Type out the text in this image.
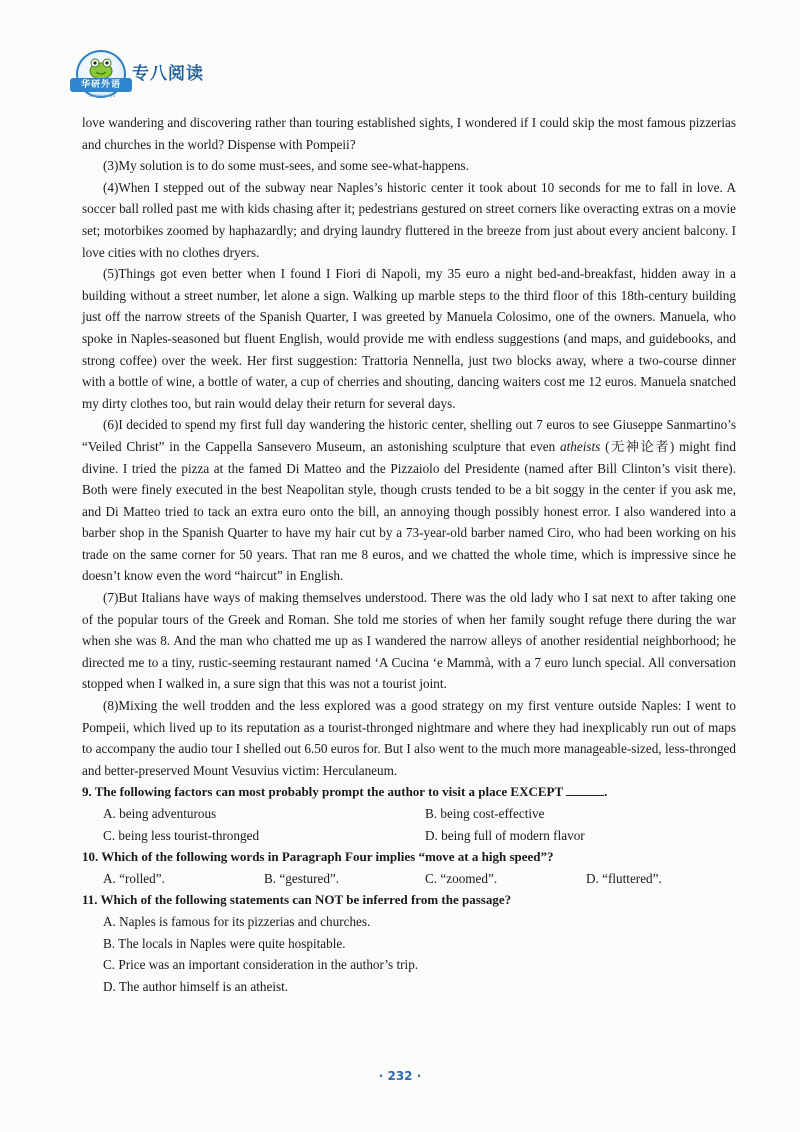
华研外语
huayanwaiyu
专八阅读

love wandering and discovering rather than touring established sights, I wondered if I could skip the most famous pizzerias and churches in the world? Dispense with Pompeii?

(3)My solution is to do some must-sees, and some see-what-happens.

(4)When I stepped out of the subway near Naples’s historic center it took about 10 seconds for me to fall in love. A soccer ball rolled past me with kids chasing after it; pedestrians gestured on street corners like overacting extras on a movie set; motorbikes zoomed by haphazardly; and drying laundry fluttered in the breeze from just about every ancient balcony. I love cities with no clothes dryers.

(5)Things got even better when I found I Fiori di Napoli, my 35 euro a night bed-and-breakfast, hidden away in a building without a street number, let alone a sign. Walking up marble steps to the third floor of this 18th-century building just off the narrow streets of the Spanish Quarter, I was greeted by Manuela Colosimo, one of the owners. Manuela, who spoke in Naples-seasoned but fluent English, would provide me with endless suggestions (and maps, and guidebooks, and strong coffee) over the week. Her first suggestion: Trattoria Nennella, just two blocks away, where a two-course dinner with a bottle of wine, a bottle of water, a cup of cherries and shouting, dancing waiters cost me 12 euros. Manuela snatched my dirty clothes too, but rain would delay their return for several days.

(6)I decided to spend my first full day wandering the historic center, shelling out 7 euros to see Giuseppe Sanmartino’s “Veiled Christ” in the Cappella Sansevero Museum, an astonishing sculpture that even atheists (无神论者) might find divine. I tried the pizza at the famed Di Matteo and the Pizzaiolo del Presidente (named after Bill Clinton’s visit there). Both were finely executed in the best Neapolitan style, though crusts tended to be a bit soggy in the center if you ask me, and Di Matteo tried to tack an extra euro onto the bill, an annoying though possibly honest error. I also wandered into a barber shop in the Spanish Quarter to have my hair cut by a 73-year-old barber named Ciro, who had been working on his trade on the same corner for 50 years. That ran me 8 euros, and we chatted the whole time, which is impressive since he doesn’t know even the word “haircut” in English.

(7)But Italians have ways of making themselves understood. There was the old lady who I sat next to after taking one of the popular tours of the Greek and Roman. She told me stories of when her family sought refuge there during the war when she was 8. And the man who chatted me up as I wandered the narrow alleys of another residential neighborhood; he directed me to a tiny, rustic-seeming restaurant named ‘A Cucina ‘e Mammà, with a 7 euro lunch special. All conversation stopped when I walked in, a sure sign that this was not a tourist joint.

(8)Mixing the well trodden and the less explored was a good strategy on my first venture outside Naples: I went to Pompeii, which lived up to its reputation as a tourist-thronged nightmare and where they had inexplicably run out of maps to accompany the audio tour I shelled out 6.50 euros for. But I also went to the much more manageable-sized, less-thronged and better-preserved Mount Vesuvius victim: Herculaneum.

9. The following factors can most probably prompt the author to visit a place EXCEPT	.
A. being adventurous	B. being cost-effective
C. being less tourist-thronged	D. being full of modern flavor
10. Which of the following words in Paragraph Four implies “move at a high speed”?
A. “rolled”.	B. “gestured”.	C. “zoomed”.	D. “fluttered”.
11. Which of the following statements can NOT be inferred from the passage?
A. Naples is famous for its pizzerias and churches.
B. The locals in Naples were quite hospitable.
C. Price was an important consideration in the author’s trip.
D. The author himself is an atheist.
· 232 ·
